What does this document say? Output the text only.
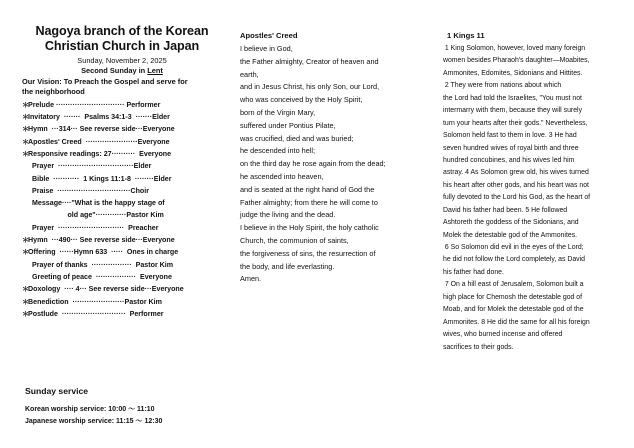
Nagoya branch of the Korean
Christian Church in Japan
Sunday, November 2, 2025
Second Sunday in Lent
Our Vision: To Preach the Gospel and serve for
the neighborhood
＊
Prelude ····························· Performer
＊
Invitatory  ·······  Psalms 34:1-3  ·······Elder
＊
Hymn  ···314··· See reverse side···Everyone
＊
Apostles' Creed  ······················Everyone
＊
Responsive readings: 27··········  Everyone
Prayer  ································Elder
Bible  ···········  1 Kings 11:1-8  ········Elder
Praise  ·······························Choir
Message····"What is the happy stage of
old age"·············Pastor Kim
Prayer  ····························  Preacher
＊
Hymn  ···490··· See reverse side···Everyone
＊
Offering  ······Hymn 633  ·····  Ones in charge
Prayer of thanks  ·················  Pastor Kim
Greeting of peace  ·················  Everyone
＊
Doxology  ···· 4··· See reverse side···Everyone
＊
Benediction  ······················Pastor Kim
＊
Postlude  ···························  Performer
Sunday service
Korean worship service: 10:00 ～ 11:10
Japanese worship service: 11:15 ～ 12:30
Apostles' Creed
I believe in God,
the Father almighty, Creator of heaven and
earth,
and in Jesus Christ, his only Son, our Lord,
who was conceived by the Holy Spirit,
born of the Virgin Mary,
suffered under Pontius Pilate,
was crucified, died and was buried;
he descended into hell;
on the third day he rose again from the dead;
he ascended into heaven,
and is seated at the right hand of God the
Father almighty; from there he will come to
judge the living and the dead.
I believe in the Holy Spirit, the holy catholic
Church, the communion of saints,
the forgiveness of sins, the resurrection of
the body, and life everlasting.
Amen.
1 Kings 11
1 King Solomon, however, loved many foreign
women besides Pharaoh's daughter—Moabites,
Ammonites, Edomites, Sidonians and Hittites.
2 They were from nations about which
the Lord had told the Israelites, "You must not
intermarry with them, because they will surely
turn your hearts after their gods." Nevertheless,
Solomon held fast to them in love. 3 He had
seven hundred wives of royal birth and three
hundred concubines, and his wives led him
astray. 4 As Solomon grew old, his wives turned
his heart after other gods, and his heart was not
fully devoted to the Lord his God, as the heart of
David his father had been. 5 He followed
Ashtoreth the goddess of the Sidonians, and
Molek the detestable god of the Ammonites.
6 So Solomon did evil in the eyes of the Lord;
he did not follow the Lord completely, as David
his father had done.
7 On a hill east of Jerusalem, Solomon built a
high place for Chemosh the detestable god of
Moab, and for Molek the detestable god of the
Ammonites. 8 He did the same for all his foreign
wives, who burned incense and offered
sacrifices to their gods.
